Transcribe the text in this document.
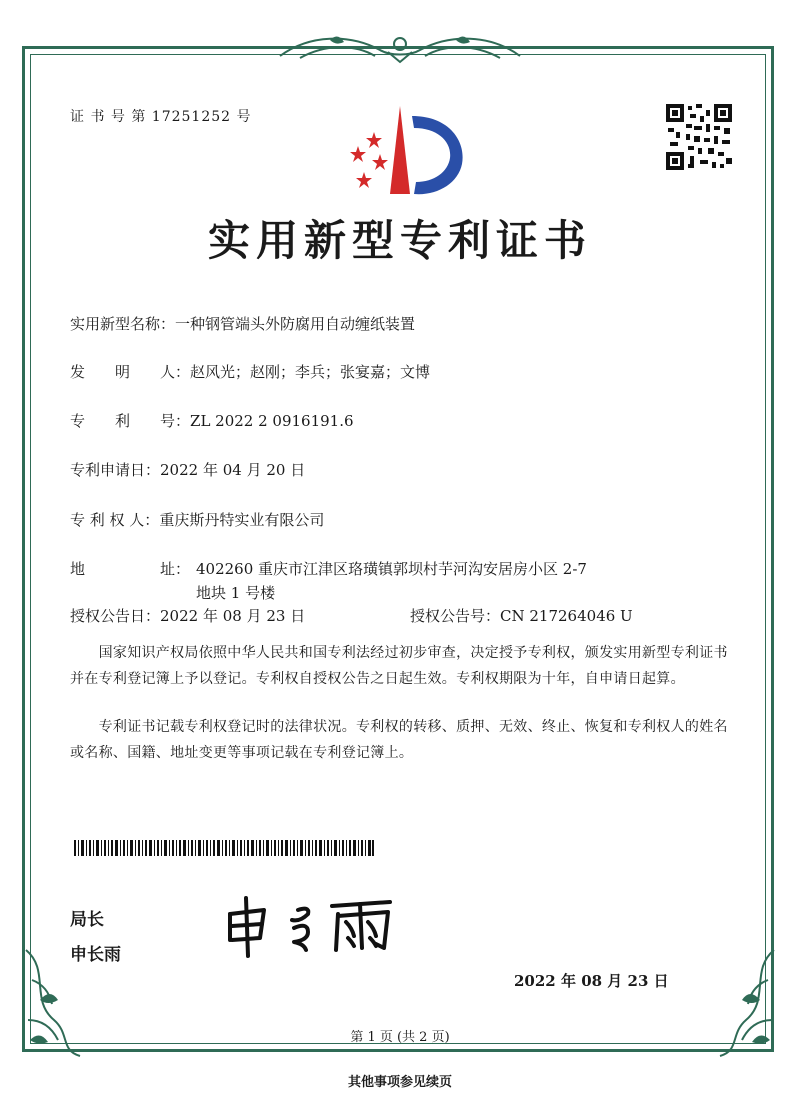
证 书 号 第 17251252 号
实用新型专利证书
实用新型名称：一种钢管端头外防腐用自动缠纸装置
发　　明　　人：赵风光；赵刚；李兵；张宴嘉；文博
专　　利　　号：ZL 2022 2 0916191.6
专利申请日：2022 年 04 月 20 日
专 利 权 人：重庆斯丹特实业有限公司
地　　　　　址： 402260 重庆市江津区珞璜镇郭坝村芋河沟安居房小区 2-7
地块 1 号楼
授权公告日：2022 年 08 月 23 日	授权公告号：CN 217264046 U
　　国家知识产权局依照中华人民共和国专利法经过初步审查，决定授予专利权，颁发实用新型专利证书并在专利登记簿上予以登记。专利权自授权公告之日起生效。专利权期限为十年，自申请日起算。
　　专利证书记载专利权登记时的法律状况。专利权的转移、质押、无效、终止、恢复和专利权人的姓名或名称、国籍、地址变更等事项记载在专利登记簿上。
局长
申长雨
2022 年 08 月 23 日
第 1 页 (共 2 页)
其他事项参见续页
